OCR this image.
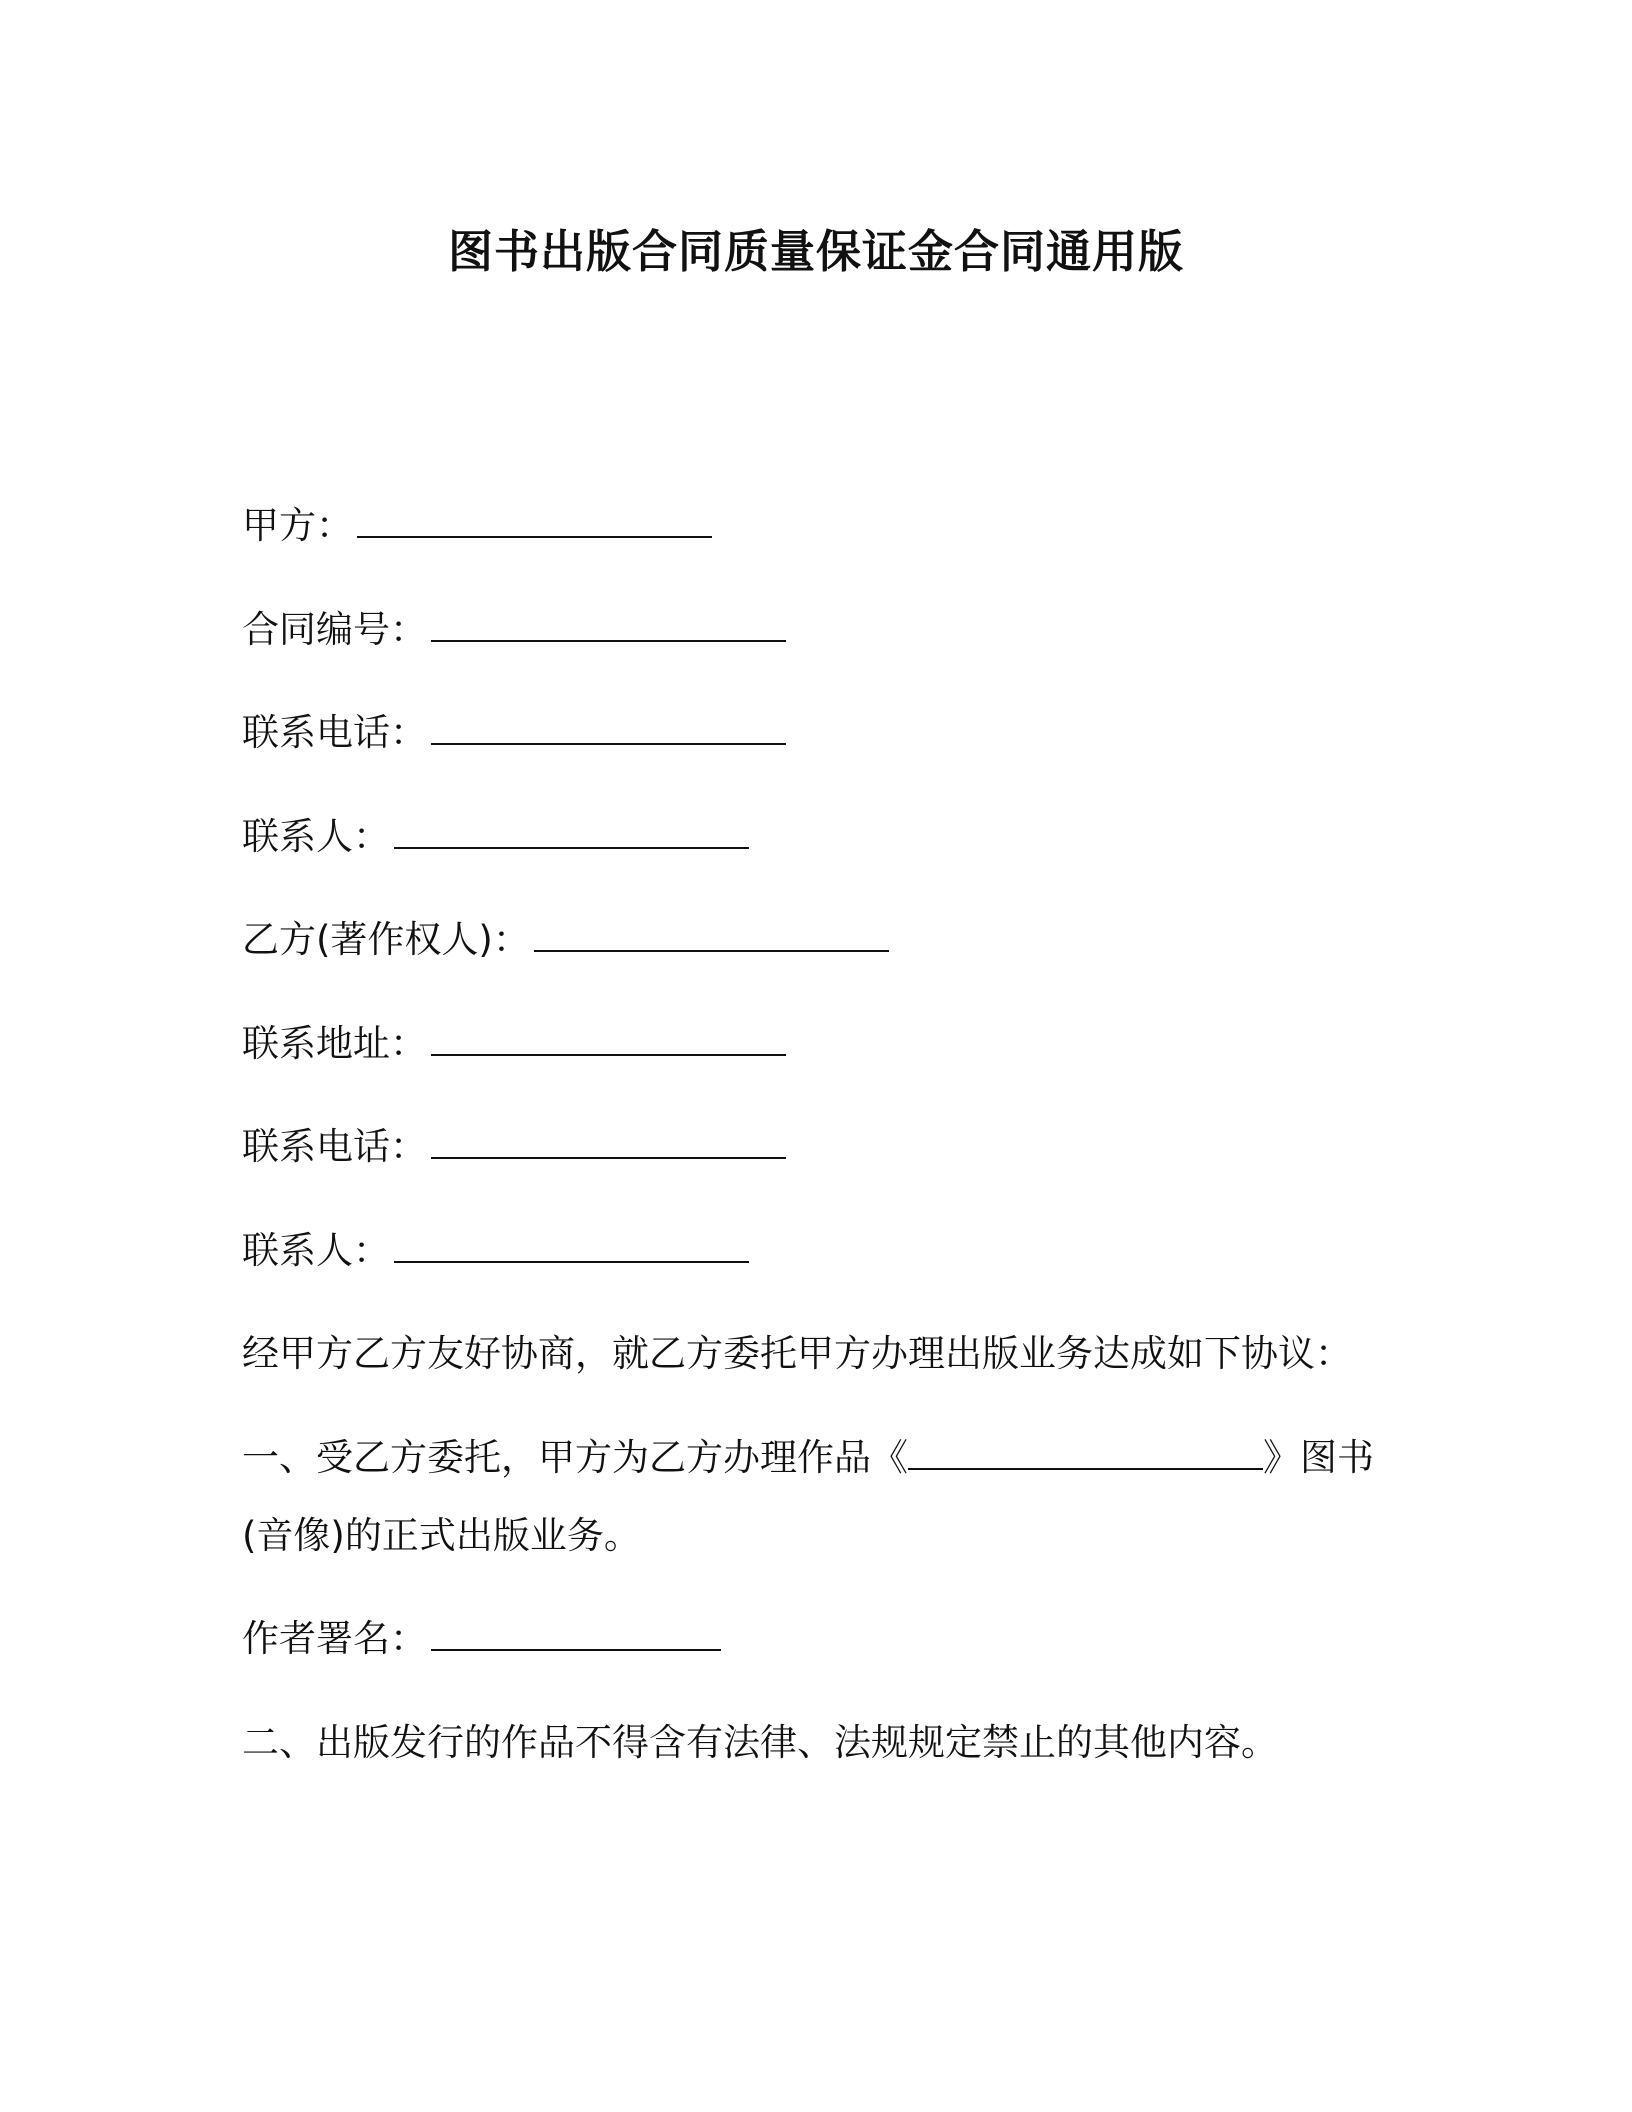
图书出版合同质量保证金合同通用版
甲方：
合同编号：
联系电话：
联系人：
乙方(著作权人)：
联系地址：
联系电话：
联系人：
经甲方乙方友好协商，就乙方委托甲方办理出版业务达成如下协议：
一、受乙方委托，甲方为乙方办理作品《	》图书
(音像)的正式出版业务。
作者署名：
二、出版发行的作品不得含有法律、法规规定禁止的其他内容。
